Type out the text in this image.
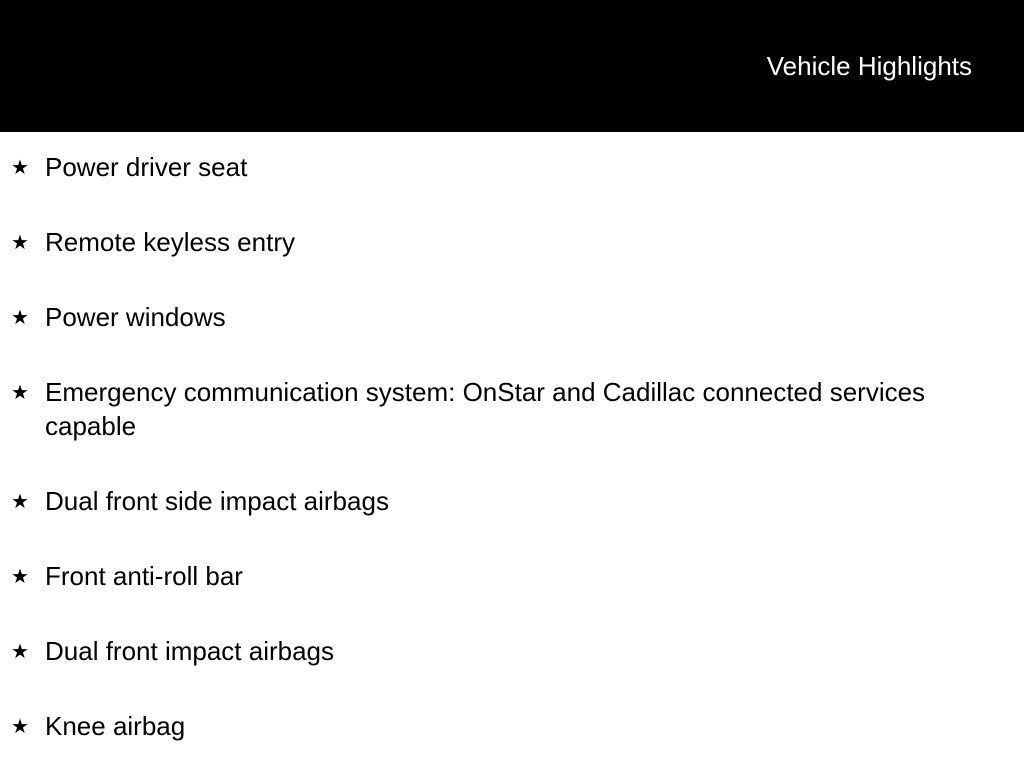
Vehicle Highlights
★ Power driver seat
★ Remote keyless entry
★ Power windows
★ Emergency communication system: OnStar and Cadillac connected services capable
★ Dual front side impact airbags
★ Front anti-roll bar
★ Dual front impact airbags
★ Knee airbag
